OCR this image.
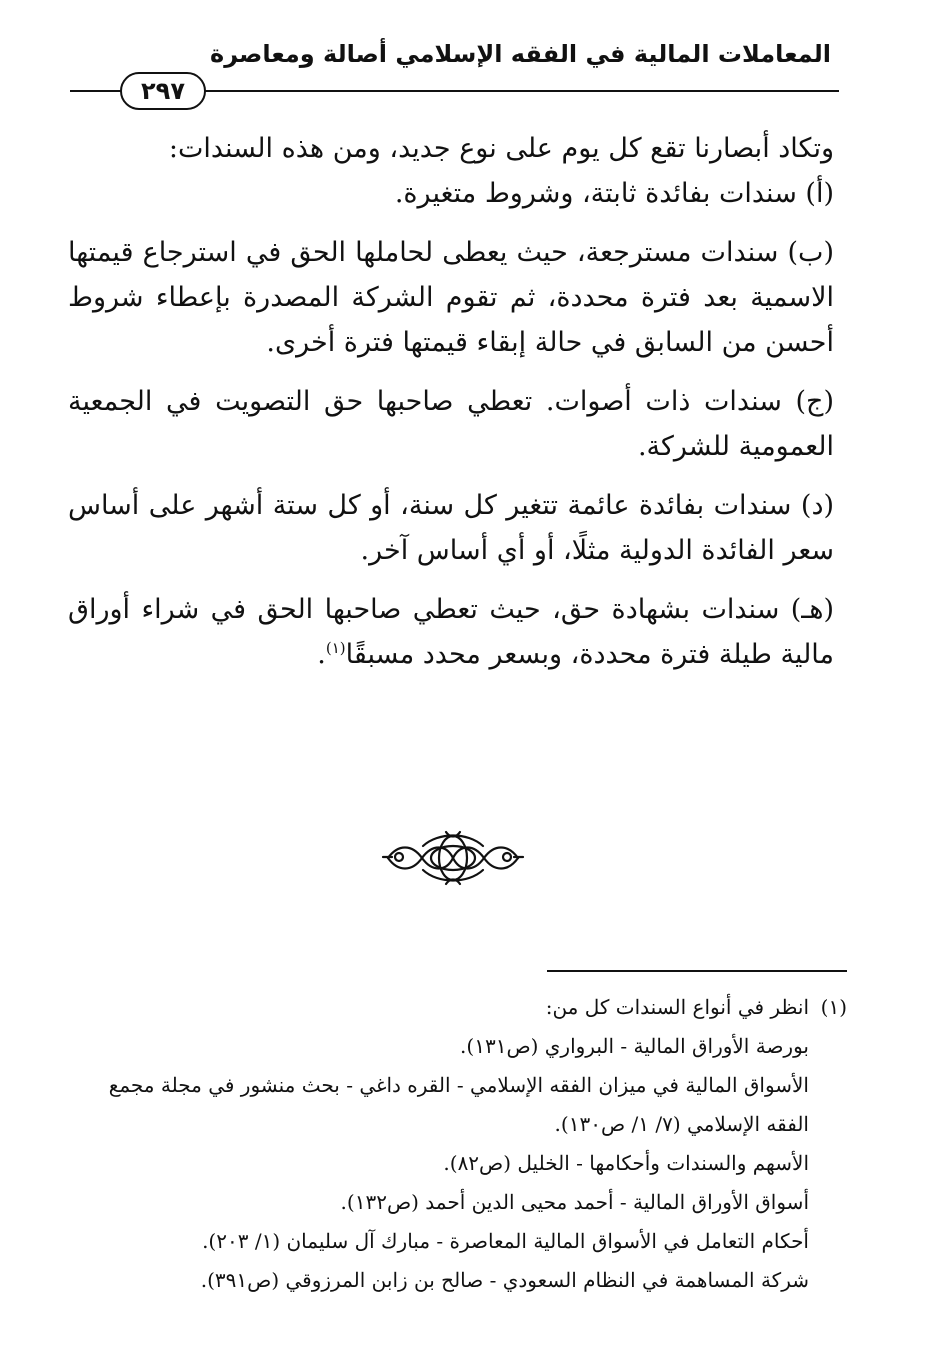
المعاملات المالية في الفقه الإسلامي أصالة ومعاصرة
٢٩٧

وتكاد أبصارنا تقع كل يوم على نوع جديد، ومن هذه السندات:

(أ) سندات بفائدة ثابتة، وشروط متغيرة.

(ب) سندات مسترجعة، حيث يعطى لحاملها الحق في استرجاع قيمتها الاسمية بعد فترة محددة، ثم تقوم الشركة المصدرة بإعطاء شروط أحسن من السابق في حالة إبقاء قيمتها فترة أخرى.

(ج) سندات ذات أصوات. تعطي صاحبها حق التصويت في الجمعية العمومية للشركة.

(د) سندات بفائدة عائمة تتغير كل سنة، أو كل ستة أشهر على أساس سعر الفائدة الدولية مثلًا، أو أي أساس آخر.

(هـ) سندات بشهادة حق، حيث تعطي صاحبها الحق في شراء أوراق مالية طيلة فترة محددة، وبسعر محدد مسبقًا$^{(١)}$.

(١)انظر في أنواع السندات كل من:
بورصة الأوراق المالية - البرواري (ص١٣١).
الأسواق المالية في ميزان الفقه الإسلامي - القره داغي - بحث منشور في مجلة مجمع الفقه الإسلامي (٧/ ١/ ص١٣٠).
الأسهم والسندات وأحكامها - الخليل (ص٨٢).
أسواق الأوراق المالية - أحمد محيى الدين أحمد (ص١٣٢).
أحكام التعامل في الأسواق المالية المعاصرة - مبارك آل سليمان (١/ ٢٠٣).
شركة المساهمة في النظام السعودي - صالح بن زابن المرزوقي (ص٣٩١).
